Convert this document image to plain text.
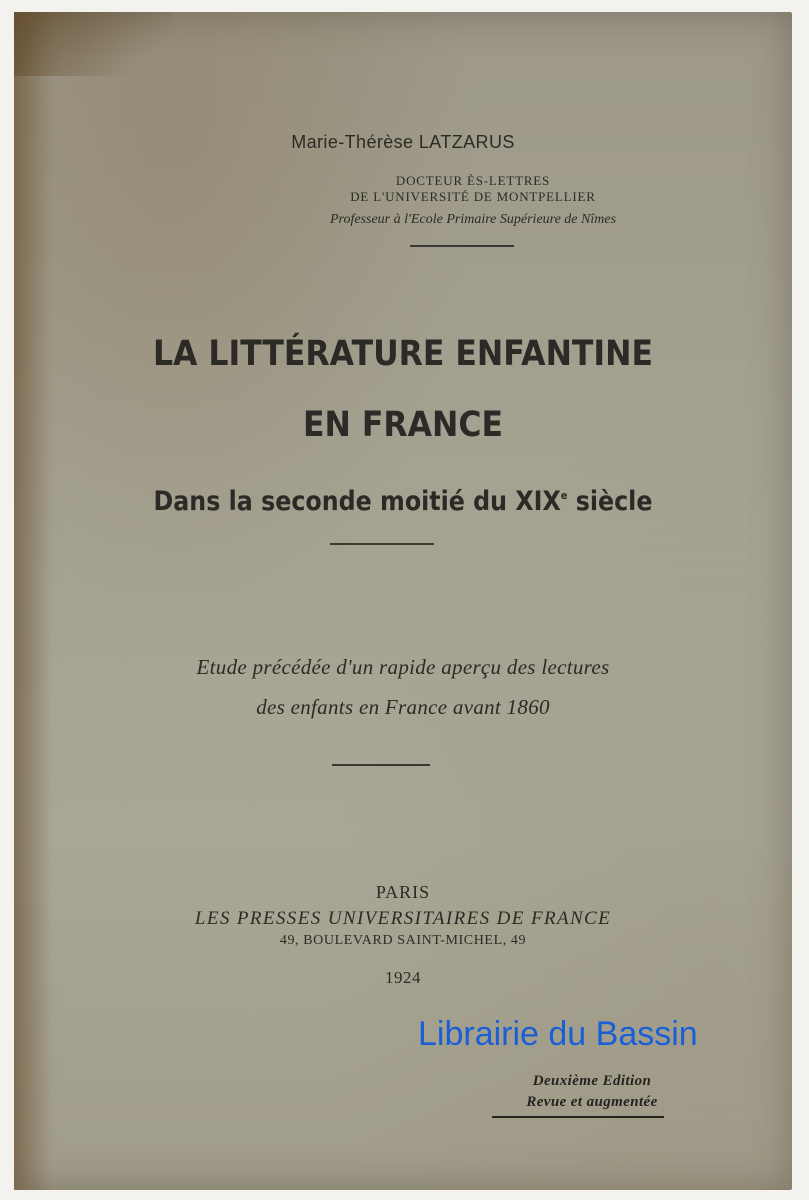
Marie-Thérèse LATZARUS

DOCTEUR ÈS-LETTRES

DE L'UNIVERSITÉ DE MONTPELLIER

Professeur à l'Ecole Primaire Supérieure de Nîmes

LA LITTÉRATURE ENFANTINE

EN FRANCE

Dans la seconde moitié du XIXe siècle

Etude précédée d'un rapide aperçu des lectures

des enfants en France avant 1860

PARIS

LES PRESSES UNIVERSITAIRES DE FRANCE

49, BOULEVARD SAINT-MICHEL, 49

1924

Librairie du Bassin

Deuxième Edition

Revue et augmentée
